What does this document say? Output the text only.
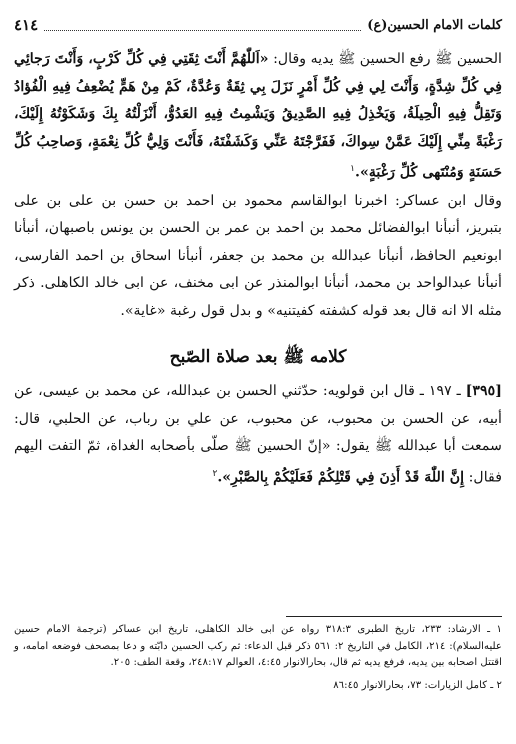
٤١٤	كلمات الامام الحسين(ع)

الحسين ﷺ رفع الحسين ﷺ يديه وقال: «اَللّٰهُمَّ أَنْتَ ثِقَتِي فِي كُلِّ كَرْبٍ، وَأَنْتَ رَجائِي فِي كُلِّ شِدَّةٍ، وَأَنْتَ لِي فِي كُلِّ أَمْرٍ نَزَلَ بِي ثِقَةٌ وَعُدَّةٌ، كَمْ مِنْ هَمٍّ يُضْعِفُ فِيهِ الْفُؤادُ وَتَقِلُّ فِيهِ الْحِيلَةُ، وَيَخْذِلُ فِيهِ الصَّدِيقُ وَيَشْمِتُ فِيهِ العَدُوُّ، أَنْزَلْتُهُ بِكَ وَشَكَوْتُهُ إِلَيْكَ، رَغْبَةً مِنِّي إِلَيْكَ عَمَّنْ سِواكَ، فَفَرَّجْتَهُ عَنِّي وَكَشَفْتَهُ، فَأَنْتَ وَلِيُّ كُلِّ نِعْمَةٍ، وَصاحِبُ كُلِّ حَسَنَةٍ وَمُنْتَهى كُلِّ رَغْبَةٍ».$^١$

وقال ابن عساكر: اخبرنا ابوالقاسم محمود بن احمد بن حسن بن علی بن علی بتبريز، أنبأنا ابوالفضائل محمد بن احمد بن عمر بن الحسن بن يونس باصبهان، أنبأنا ابونعيم الحافظ، أنبأنا عبدالله بن محمد بن جعفر، أنبأنا اسحاق بن احمد الفارسی، أنبأنا عبدالواحد بن محمد، أنبأنا ابوالمنذر عن ابی مخنف، عن ابی خالد الکاهلی. ذکر مثله الا انه قال بعد قوله کشفته کفيتنيه» و بدل قول رغبة «غاية».

كلامه ﷺ بعد صلاة الصّبح

[٣٩٥] ـ ١٩٧ ـ قال ابن قولويه: حدّثني الحسن بن عبدالله، عن محمد بن عيسى، عن أبيه، عن الحسن بن محبوب، عن محبوب، عن علي بن رباب، عن الحلبي، قال: سمعت أبا عبدالله ﷺ يقول: «إنّ الحسين ﷺ صلّى بأصحابه الغداة، ثمّ التفت اليهم فقال: إِنَّ اللّٰهَ قَدْ أَذِنَ فِي قَتْلِكُمْ فَعَلَيْكُمْ بِالصَّبْرِ».$^٢$

١ ـ الارشاد: ٢٣٣، تاريخ الطبرى ٣١٨:٣ رواه عن ابى خالد الكاهلى، تاريخ ابن عساكر (ترجمة الامام حسين عليه‌السلام): ٢١٤، الكامل في التاريخ ٢: ٥٦١ ذكر قبل الدعاء: ثم ركب الحسين دابّته و دعا بمصحف فوضعه امامه، و اقتتل اصحابه بين يديه، فرفع يديه ثم قال، بحارالانوار ٤:٤٥، العوالم ٢٤٨:١٧، وقعة الطف: ٢٠٥.

٢ ـ كامل الزيارات: ٧٣، بحارالانوار ٨٦:٤٥
